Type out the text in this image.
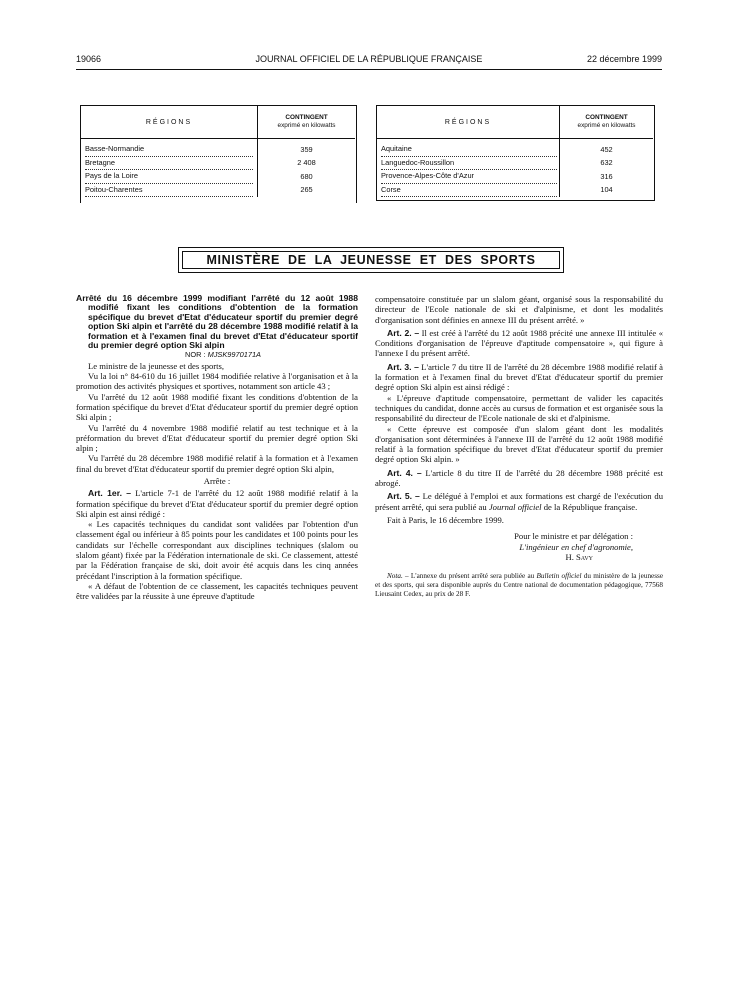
19066	JOURNAL OFFICIEL DE LA RÉPUBLIQUE FRANÇAISE	22 décembre 1999
RÉGIONS	CONTINGENT
exprimé en kilowatts
Basse-Normandie	359
Bretagne	2 408
Pays de la Loire	680
Poitou-Charentes	265
RÉGIONS	CONTINGENT
exprimé en kilowatts
Aquitaine	452
Languedoc-Roussillon	632
Provence-Alpes-Côte d'Azur	316
Corse	104
MINISTÈRE DE LA JEUNESSE ET DES SPORTS

Arrêté du 16 décembre 1999 modifiant l'arrêté du 12 août 1988 modifié fixant les conditions d'obtention de la formation spécifique du brevet d'Etat d'éducateur sportif du premier degré option Ski alpin et l'arrêté du 28 décembre 1988 modifié relatif à la formation et à l'examen final du brevet d'Etat d'éducateur sportif du premier degré option Ski alpin

NOR : MJSK9970171A

Le ministre de la jeunesse et des sports,

Vu la loi n° 84-610 du 16 juillet 1984 modifiée relative à l'organisation et à la promotion des activités physiques et sportives, notamment son article 43 ;

Vu l'arrêté du 12 août 1988 modifié fixant les conditions d'obtention de la formation spécifique du brevet d'Etat d'éducateur sportif du premier degré option Ski alpin ;

Vu l'arrêté du 4 novembre 1988 modifié relatif au test technique et à la préformation du brevet d'Etat d'éducateur sportif du premier degré option Ski alpin ;

Vu l'arrêté du 28 décembre 1988 modifié relatif à la formation et à l'examen final du brevet d'Etat d'éducateur sportif du premier degré option Ski alpin,

Arrête :

Art. 1er. – L'article 7-1 de l'arrêté du 12 août 1988 modifié relatif à la formation spécifique du brevet d'Etat d'éducateur sportif du premier degré option Ski alpin est ainsi rédigé :

« Les capacités techniques du candidat sont validées par l'obtention d'un classement égal ou inférieur à 85 points pour les candidates et 100 points pour les candidats sur l'échelle correspondant aux disciplines techniques (slalom ou slalom géant) fixée par la Fédération internationale de ski. Ce classement, attesté par la Fédération française de ski, doit avoir été acquis dans les cinq années précédant l'inscription à la formation spécifique.

« A défaut de l'obtention de ce classement, les capacités techniques peuvent être validées par la réussite à une épreuve d'aptitude

compensatoire constituée par un slalom géant, organisé sous la responsabilité du directeur de l'Ecole nationale de ski et d'alpinisme, et dont les modalités d'organisation sont définies en annexe III du présent arrêté. »

Art. 2. – Il est créé à l'arrêté du 12 août 1988 précité une annexe III intitulée « Conditions d'organisation de l'épreuve d'aptitude compensatoire », qui figure à l'annexe I du présent arrêté.

Art. 3. – L'article 7 du titre II de l'arrêté du 28 décembre 1988 modifié relatif à la formation et à l'examen final du brevet d'Etat d'éducateur sportif du premier degré option Ski alpin est ainsi rédigé :

« L'épreuve d'aptitude compensatoire, permettant de valider les capacités techniques du candidat, donne accès au cursus de formation et est organisée sous la responsabilité du directeur de l'Ecole nationale de ski et d'alpinisme.

« Cette épreuve est composée d'un slalom géant dont les modalités d'organisation sont déterminées à l'annexe III de l'arrêté du 12 août 1988 modifié relatif à la formation spécifique du brevet d'Etat d'éducateur sportif du premier degré option Ski alpin. »

Art. 4. – L'article 8 du titre II de l'arrêté du 28 décembre 1988 précité est abrogé.

Art. 5. – Le délégué à l'emploi et aux formations est chargé de l'exécution du présent arrêté, qui sera publié au Journal officiel de la République française.

Fait à Paris, le 16 décembre 1999.

Pour le ministre et par délégation :

L'ingénieur en chef d'agronomie,

H. Savy

Nota. – L'annexe du présent arrêté sera publiée au Bulletin officiel du ministère de la jeunesse et des sports, qui sera disponible auprès du Centre national de documentation pédagogique, 77568 Lieusaint Cedex, au prix de 28 F.
